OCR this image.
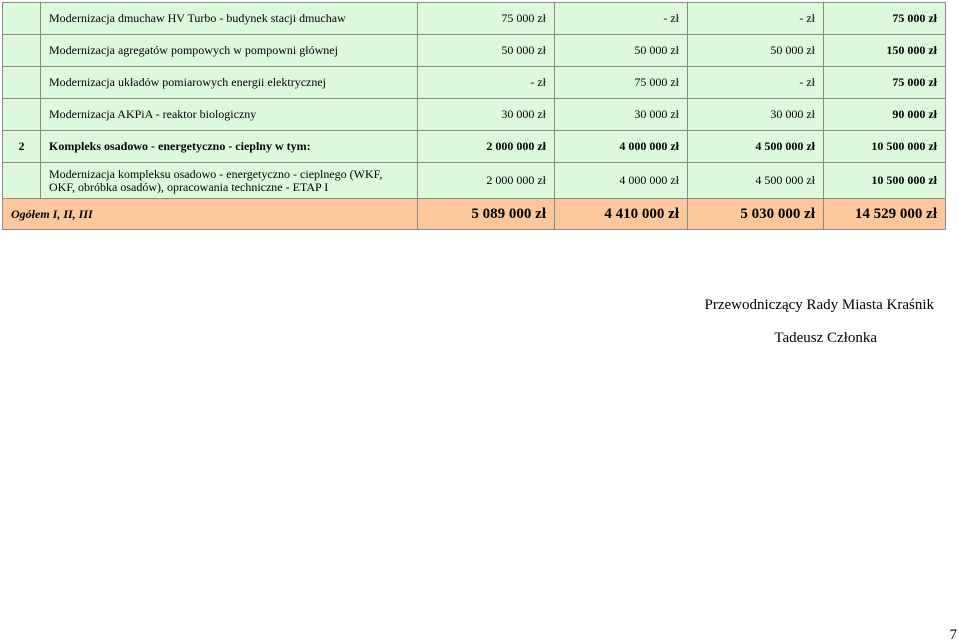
	Modernizacja dmuchaw HV Turbo - budynek stacji dmuchaw	75 000 zł	- zł	- zł	75 000 zł
	Modernizacja agregatów pompowych w pompowni głównej	50 000 zł	50 000 zł	50 000 zł	150 000 zł
	Modernizacja układów pomiarowych energii elektrycznej	- zł	75 000 zł	- zł	75 000 zł
	Modernizacja AKPiA - reaktor biologiczny	30 000 zł	30 000 zł	30 000 zł	90 000 zł
2	Kompleks osadowo - energetyczno - cieplny w tym:	2 000 000 zł	4 000 000 zł	4 500 000 zł	10 500 000 zł
	Modernizacja kompleksu osadowo - energetyczno - cieplnego (WKF, OKF, obróbka osadów), opracowania techniczne - ETAP I	2 000 000 zł	4 000 000 zł	4 500 000 zł	10 500 000 zł
Ogółem I, II, III		5 089 000 zł	4 410 000 zł	5 030 000 zł	14 529 000 zł
Przewodniczący Rady Miasta Kraśnik
Tadeusz Członka
7
